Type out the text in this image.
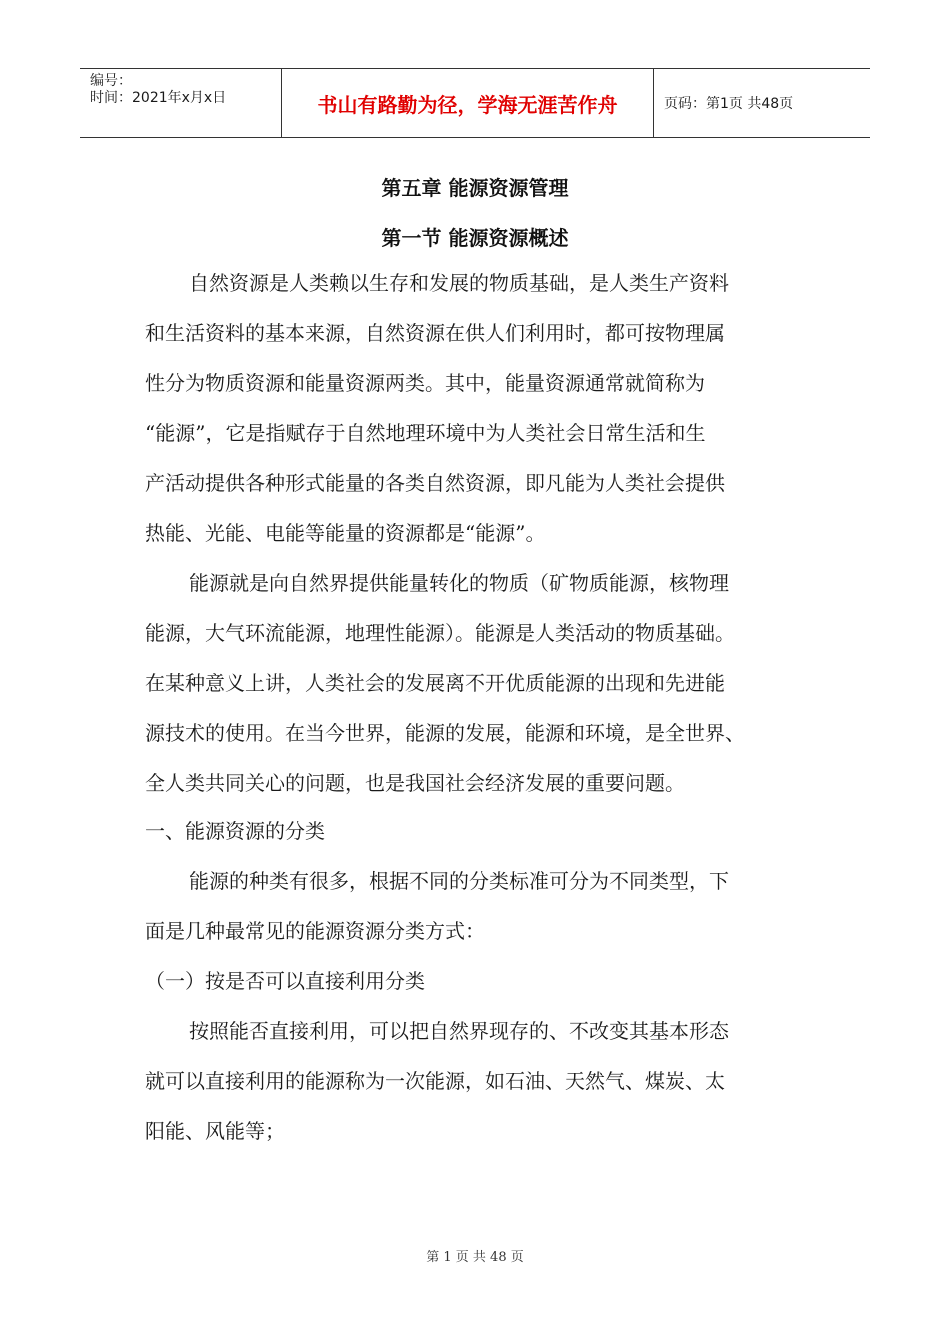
编号：
时间：2021年x月x日	书山有路勤为径，学海无涯苦作舟	页码：第1页 共48页
第五章 能源资源管理
第一节 能源资源概述
自然资源是人类赖以生存和发展的物质基础，是人类生产资料
和生活资料的基本来源，自然资源在供人们利用时，都可按物理属
性分为物质资源和能量资源两类。其中，能量资源通常就简称为
“能源”，它是指赋存于自然地理环境中为人类社会日常生活和生
产活动提供各种形式能量的各类自然资源，即凡能为人类社会提供
热能、光能、电能等能量的资源都是“能源”。
能源就是向自然界提供能量转化的物质（矿物质能源，核物理
能源，大气环流能源，地理性能源）。能源是人类活动的物质基础。
在某种意义上讲，人类社会的发展离不开优质能源的出现和先进能
源技术的使用。在当今世界，能源的发展，能源和环境，是全世界、
全人类共同关心的问题，也是我国社会经济发展的重要问题。
一、能源资源的分类
能源的种类有很多，根据不同的分类标准可分为不同类型，下
面是几种最常见的能源资源分类方式：
（一）按是否可以直接利用分类
按照能否直接利用，可以把自然界现存的、不改变其基本形态
就可以直接利用的能源称为一次能源，如石油、天然气、煤炭、太
阳能、风能等；
第 1 页 共 48 页
